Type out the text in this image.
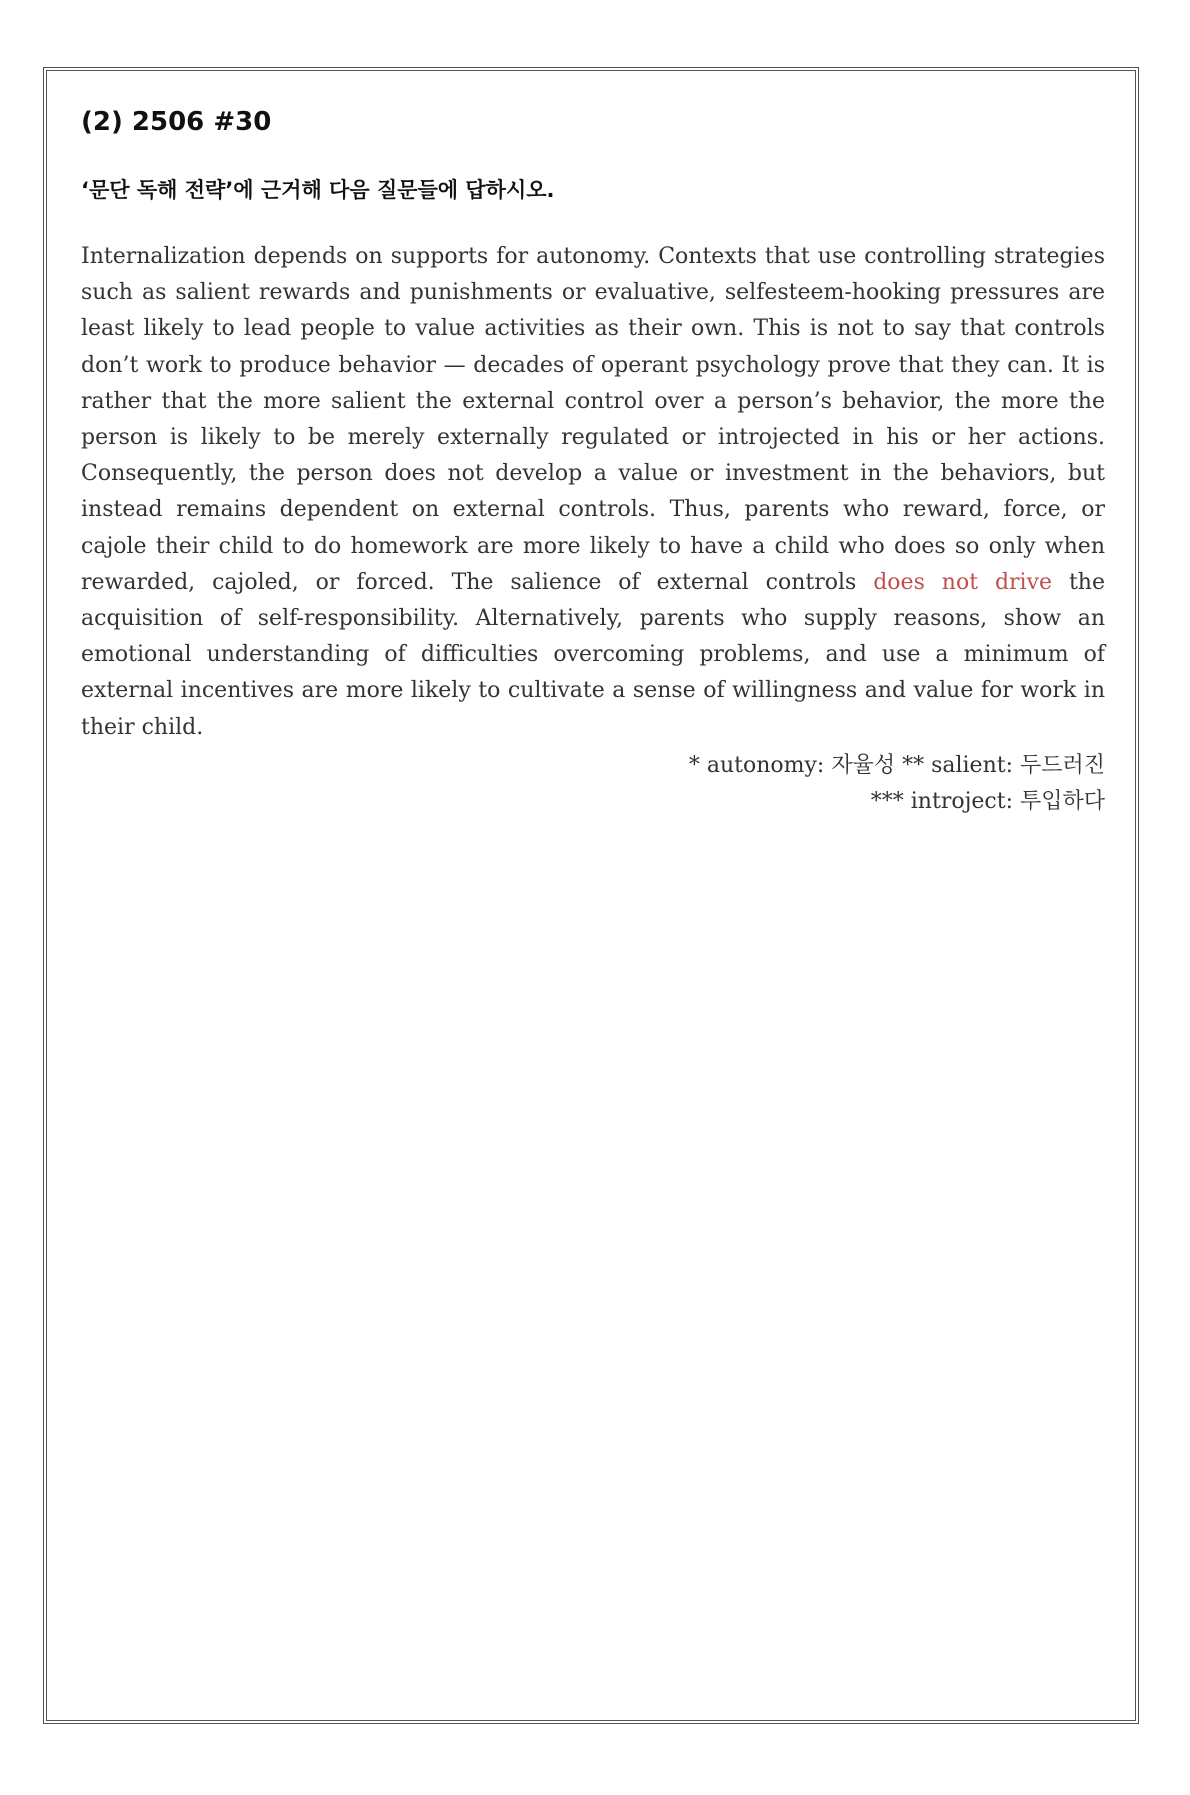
(2) 2506 #30
‘문단 독해 전략’에 근거해 다음 질문들에 답하시오.

Internalization depends on supports for autonomy. Contexts that use controlling strategies such as salient rewards and punishments or evaluative, selfesteem-hooking pressures are least likely to lead people to value activities as their own. This is not to say that controls don’t work to produce behavior — decades of operant psychology prove that they can. It is rather that the more salient the external control over a person’s behavior, the more the person is likely to be merely externally regulated or introjected in his or her actions. Consequently, the person does not develop a value or investment in the behaviors, but instead remains dependent on external controls. Thus, parents who reward, force, or cajole their child to do homework are more likely to have a child who does so only when rewarded, cajoled, or forced. The salience of external controls does not drive the acquisition of self-responsibility. Alternatively, parents who supply reasons, show an emotional understanding of difficulties overcoming problems, and use a minimum of external incentives are more likely to cultivate a sense of willingness and value for work in their child.

* autonomy: 자율성 ** salient: 두드러진
*** introject: 투입하다
